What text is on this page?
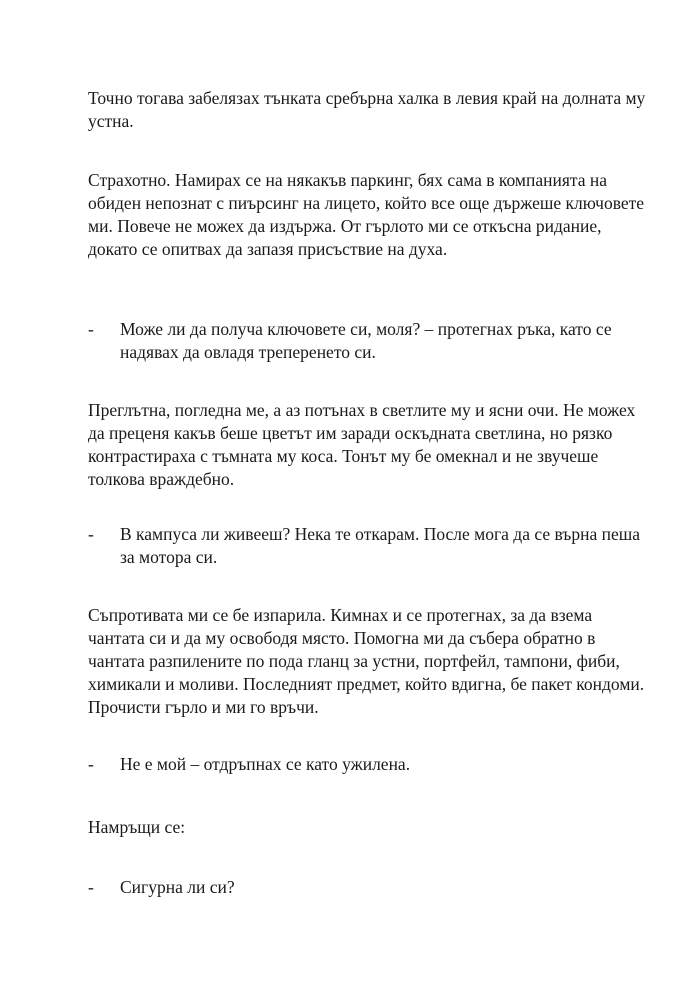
Точно тогава забелязах тънката сребърна халка в левия край на долната му устна.

Страхотно. Намирах се на някакъв паркинг, бях сама в компанията на обиден непознат с пиърсинг на лицето, който все още държеше ключовете ми. Повече не можех да издържа. От гърлото ми се откъсна ридание, докато се опитвах да запазя присъствие на духа.

- Може ли да получа ключовете си, моля? – протегнах ръка, като се надявах да овладя треперенето си.

Преглътна, погледна ме, а аз потънах в светлите му и ясни очи. Не можех да преценя какъв беше цветът им заради оскъдната светлина, но рязко контрастираха с тъмната му коса. Тонът му бе омекнал и не звучеше толкова враждебно.

- В кампуса ли живееш? Нека те откарам. После мога да се върна пеша за мотора си.

Съпротивата ми се бе изпарила. Кимнах и се протегнах, за да взема чантата си и да му освободя място. Помогна ми да събера обратно в чантата разпилените по пода гланц за устни, портфейл, тампони, фиби, химикали и моливи. Последният предмет, който вдигна, бе пакет кондоми. Прочисти гърло и ми го връчи.

- Не е мой – отдръпнах се като ужилена.

Намръщи се:

- Сигурна ли си?
